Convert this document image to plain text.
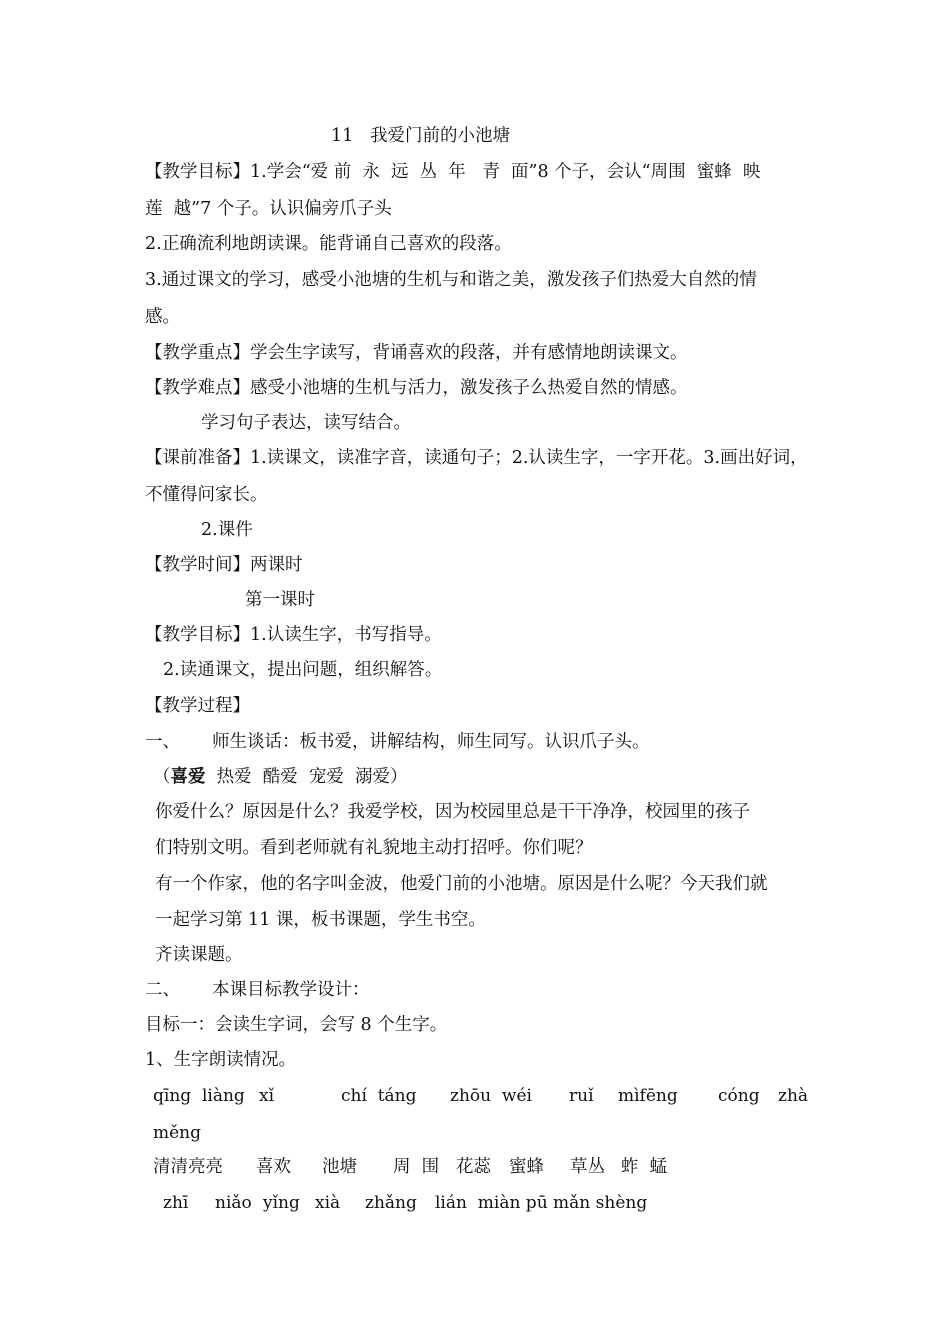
11   我爱门前的小池塘
【教学目标】1.学会“爱 前  永  远  丛  年   青  面”8 个子，会认“周围  蜜蜂  映
莲  越”7 个子。认识偏旁爪子头
2.正确流利地朗读课。能背诵自己喜欢的段落。
3.通过课文的学习，感受小池塘的生机与和谐之美，激发孩子们热爱大自然的情
感。
【教学重点】学会生字读写，背诵喜欢的段落，并有感情地朗读课文。
【教学难点】感受小池塘的生机与活力，激发孩子么热爱自然的情感。
学习句子表达，读写结合。
【课前准备】1.读课文，读准字音，读通句子；2.认读生字，一字开花。3.画出好词，
不懂得问家长。
2.课件
【教学时间】两课时
第一课时
【教学目标】1.认读生字，书写指导。
2.读通课文，提出问题，组织解答。
【教学过程】
一、 师生谈话：板书爱，讲解结构，师生同写。认识爪子头。
（喜爱  热爱  酷爱  宠爱  溺爱）
你爱什么？原因是什么？我爱学校，因为校园里总是干干净净，校园里的孩子
们特别文明。看到老师就有礼貌地主动打招呼。你们呢？
有一个作家，他的名字叫金波，他爱门前的小池塘。原因是什么呢？今天我们就
一起学习第 11 课，板书课题，学生书空。
齐读课题。
二、 本课目标教学设计：
目标一：会读生字词，会写 8 个生字。
1、生字朗读情况。
qīng  liàng xǐ	chí  táng zhōu  wéi ruǐ mìfēng cóng zhà
měng
清清亮亮 喜欢 池塘 周  围 花蕊 蜜蜂 草丛 蚱  蜢
zhī niǎo yǐng xià zhǎng lián  miàn pū mǎn shèng
